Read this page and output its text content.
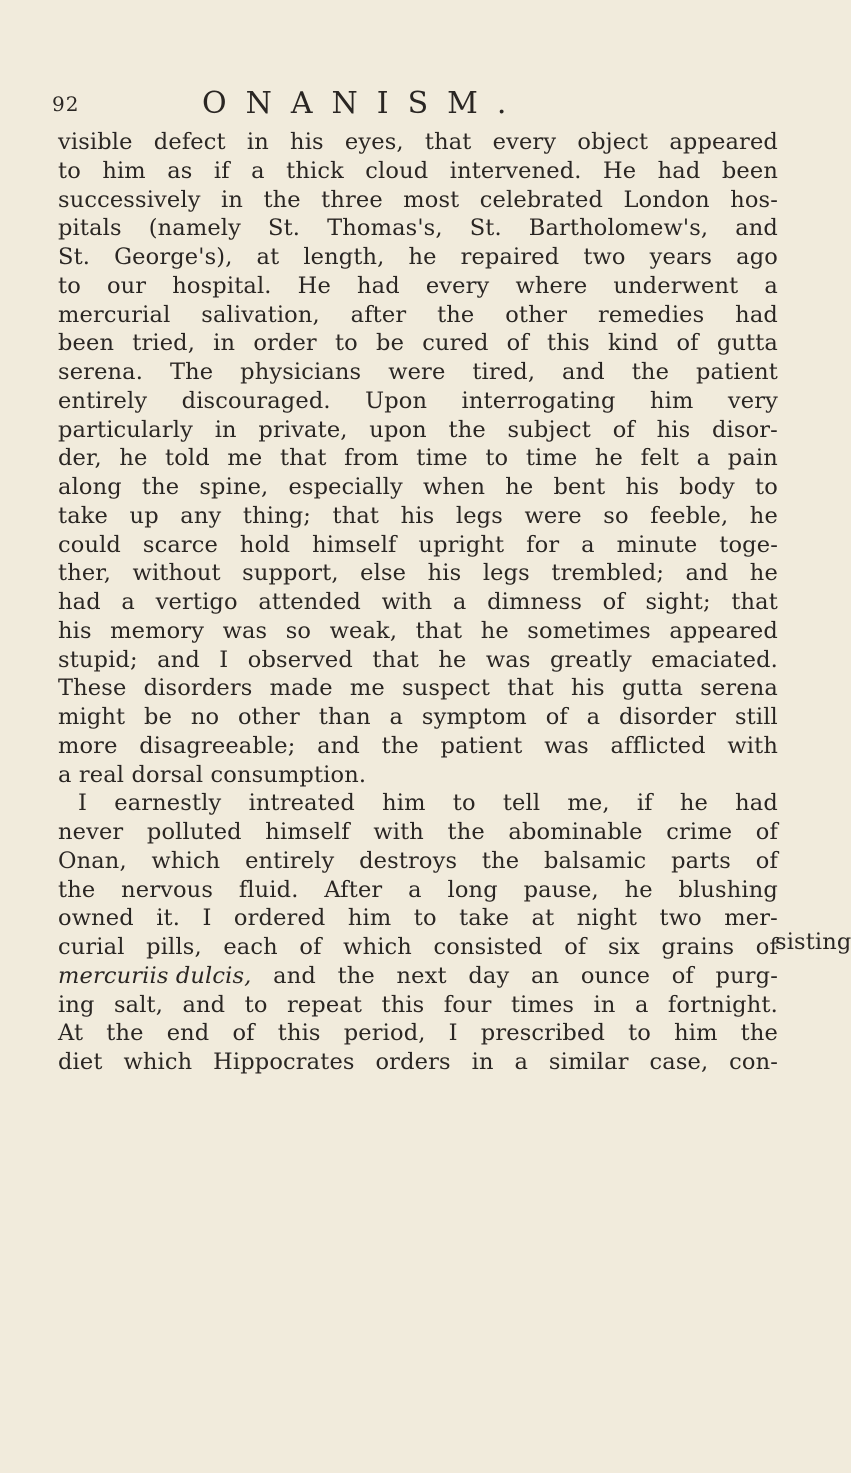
92	ONANISM.
visible defect in his eyes, that every object appeared
to him as if a thick cloud intervened. He had been
successively in the three most celebrated London hos-
pitals (namely St. Thomas's, St. Bartholomew's, and
St. George's), at length, he repaired two years ago
to our hospital. He had every where underwent a
mercurial salivation, after the other remedies had
been tried, in order to be cured of this kind of gutta
serena. The physicians were tired, and the patient
entirely discouraged. Upon interrogating him very
particularly in private, upon the subject of his disor-
der, he told me that from time to time he felt a pain
along the spine, especially when he bent his body to
take up any thing; that his legs were so feeble, he
could scarce hold himself upright for a minute toge-
ther, without support, else his legs trembled; and he
had a vertigo attended with a dimness of sight; that
his memory was so weak, that he sometimes appeared
stupid; and I observed that he was greatly emaciated.
These disorders made me suspect that his gutta serena
might be no other than a symptom of a disorder still
more disagreeable; and the patient was afflicted with
a real dorsal consumption.
I earnestly intreated him to tell me, if he had
never polluted himself with the abominable crime of
Onan, which entirely destroys the balsamic parts of
the nervous fluid. After a long pause, he blushing
owned it. I ordered him to take at night two mer-
curial pills, each of which consisted of six grains of
mercuriis dulcis, and the next day an ounce of purg-
ing salt, and to repeat this four times in a fortnight.
At the end of this period, I prescribed to him the
diet which Hippocrates orders in a similar case, con-
sisting
